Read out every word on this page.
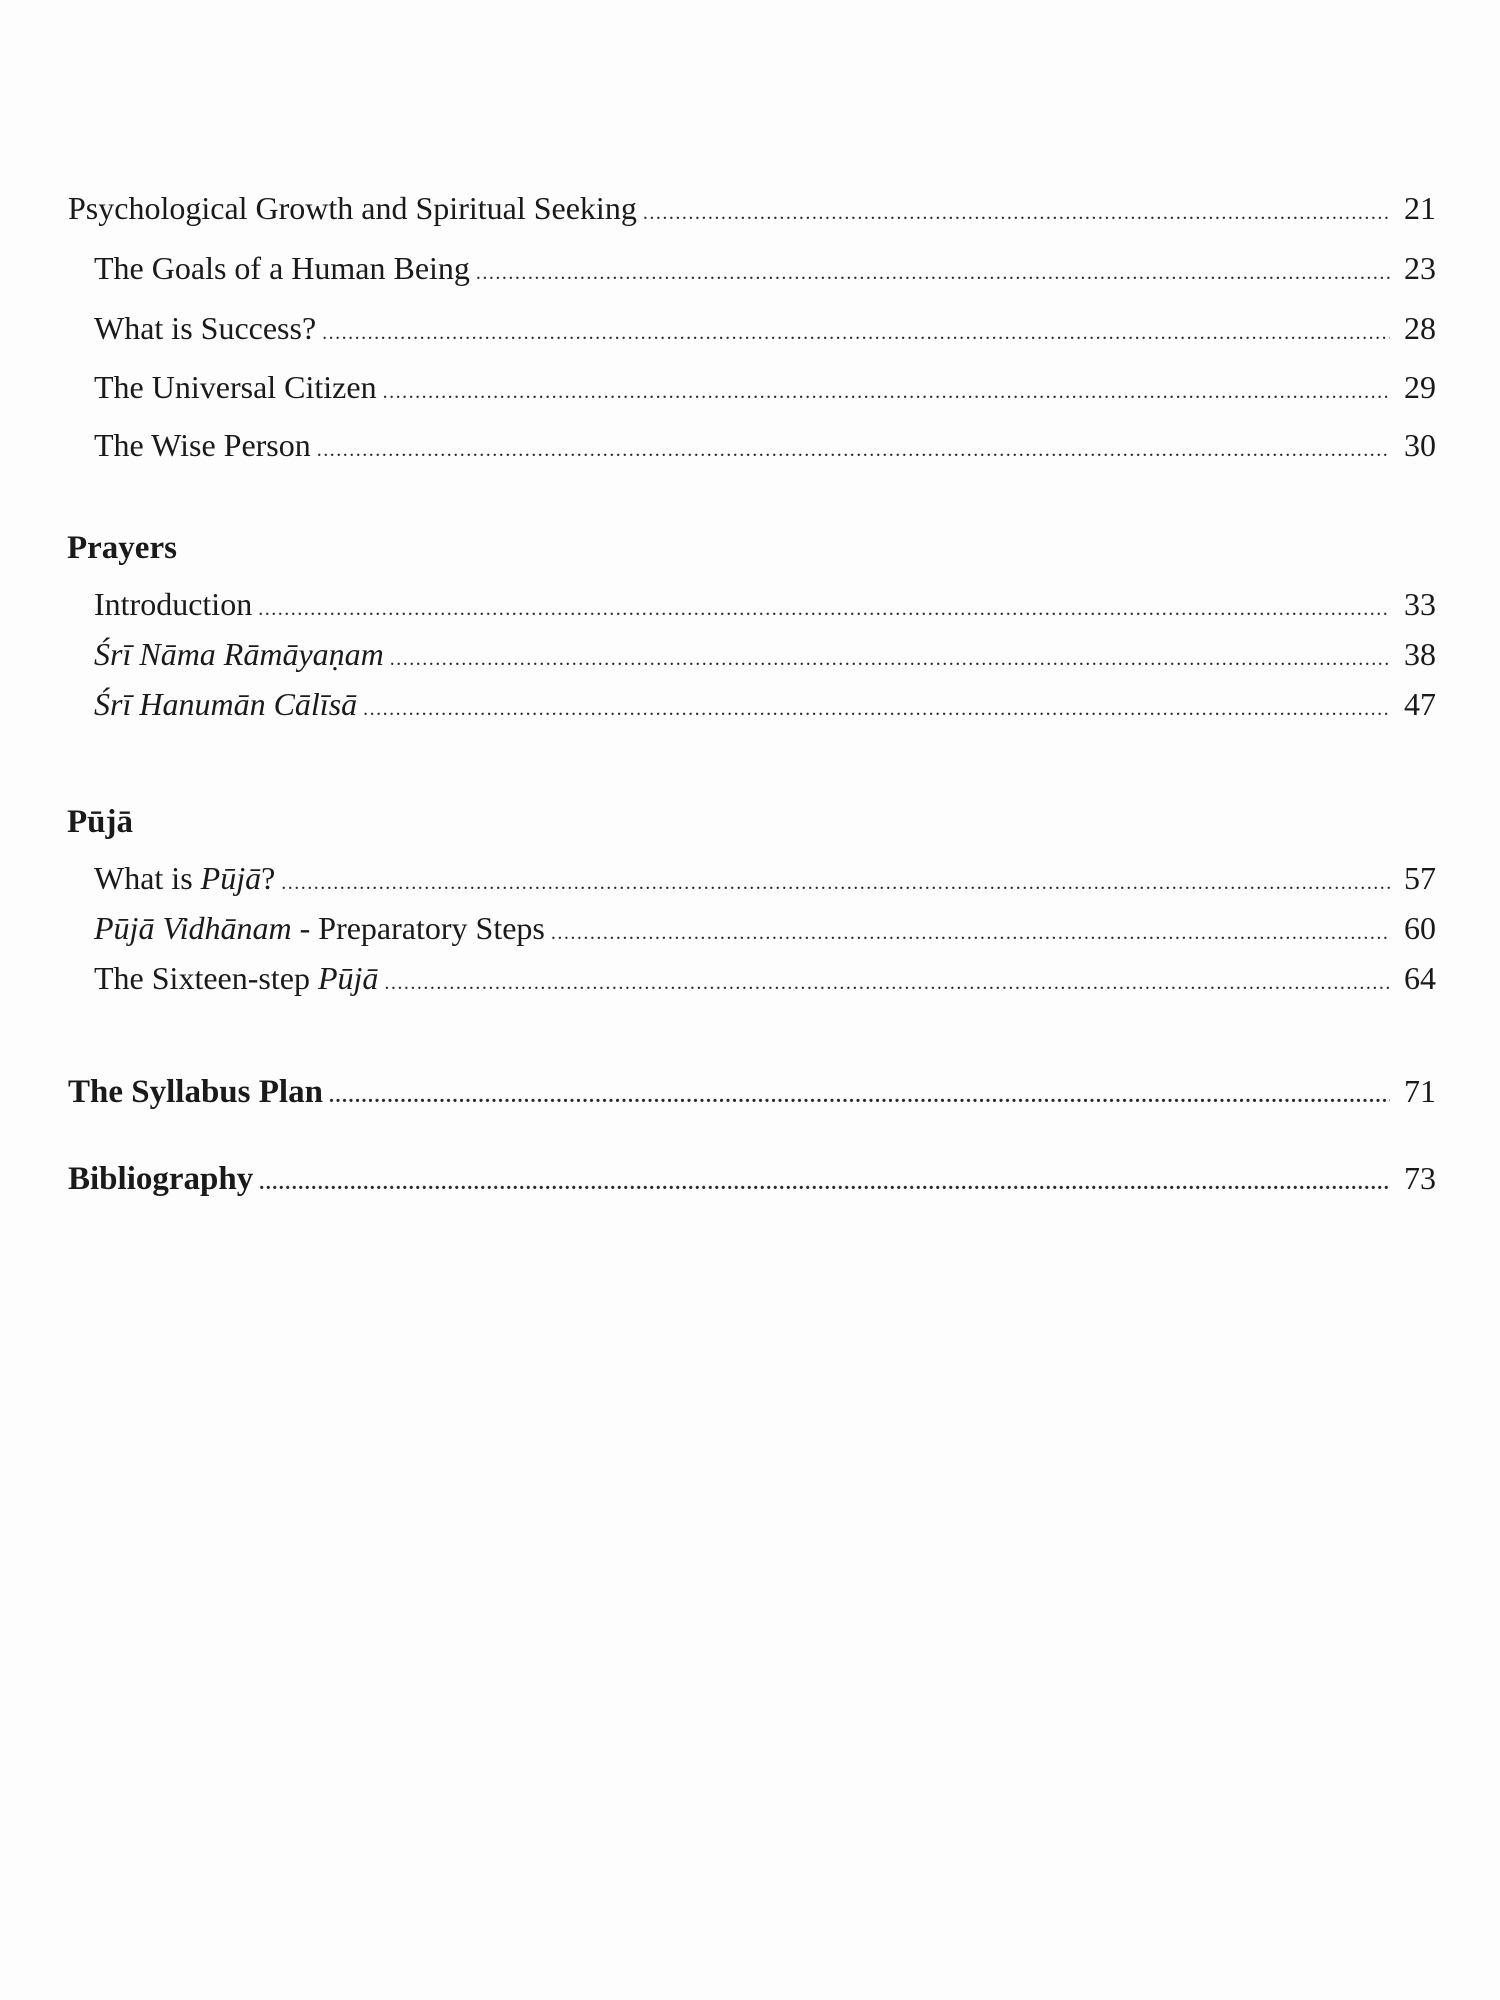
Psychological Growth and Spiritual Seeking .....	21
The Goals of a Human Being .....	23
What is Success? .....	28
The Universal Citizen .....	29
The Wise Person .....	30
Prayers
Introduction .....	33
Śrī Nāma Rāmāyaṇam .....	38
Śrī Hanumān Cālīsā .....	47
Pūjā
What is Pūjā? .....	57
Pūjā Vidhānam - Preparatory Steps .....	60
The Sixteen-step Pūjā .....	64
The Syllabus Plan .....	71
Bibliography .....	73
